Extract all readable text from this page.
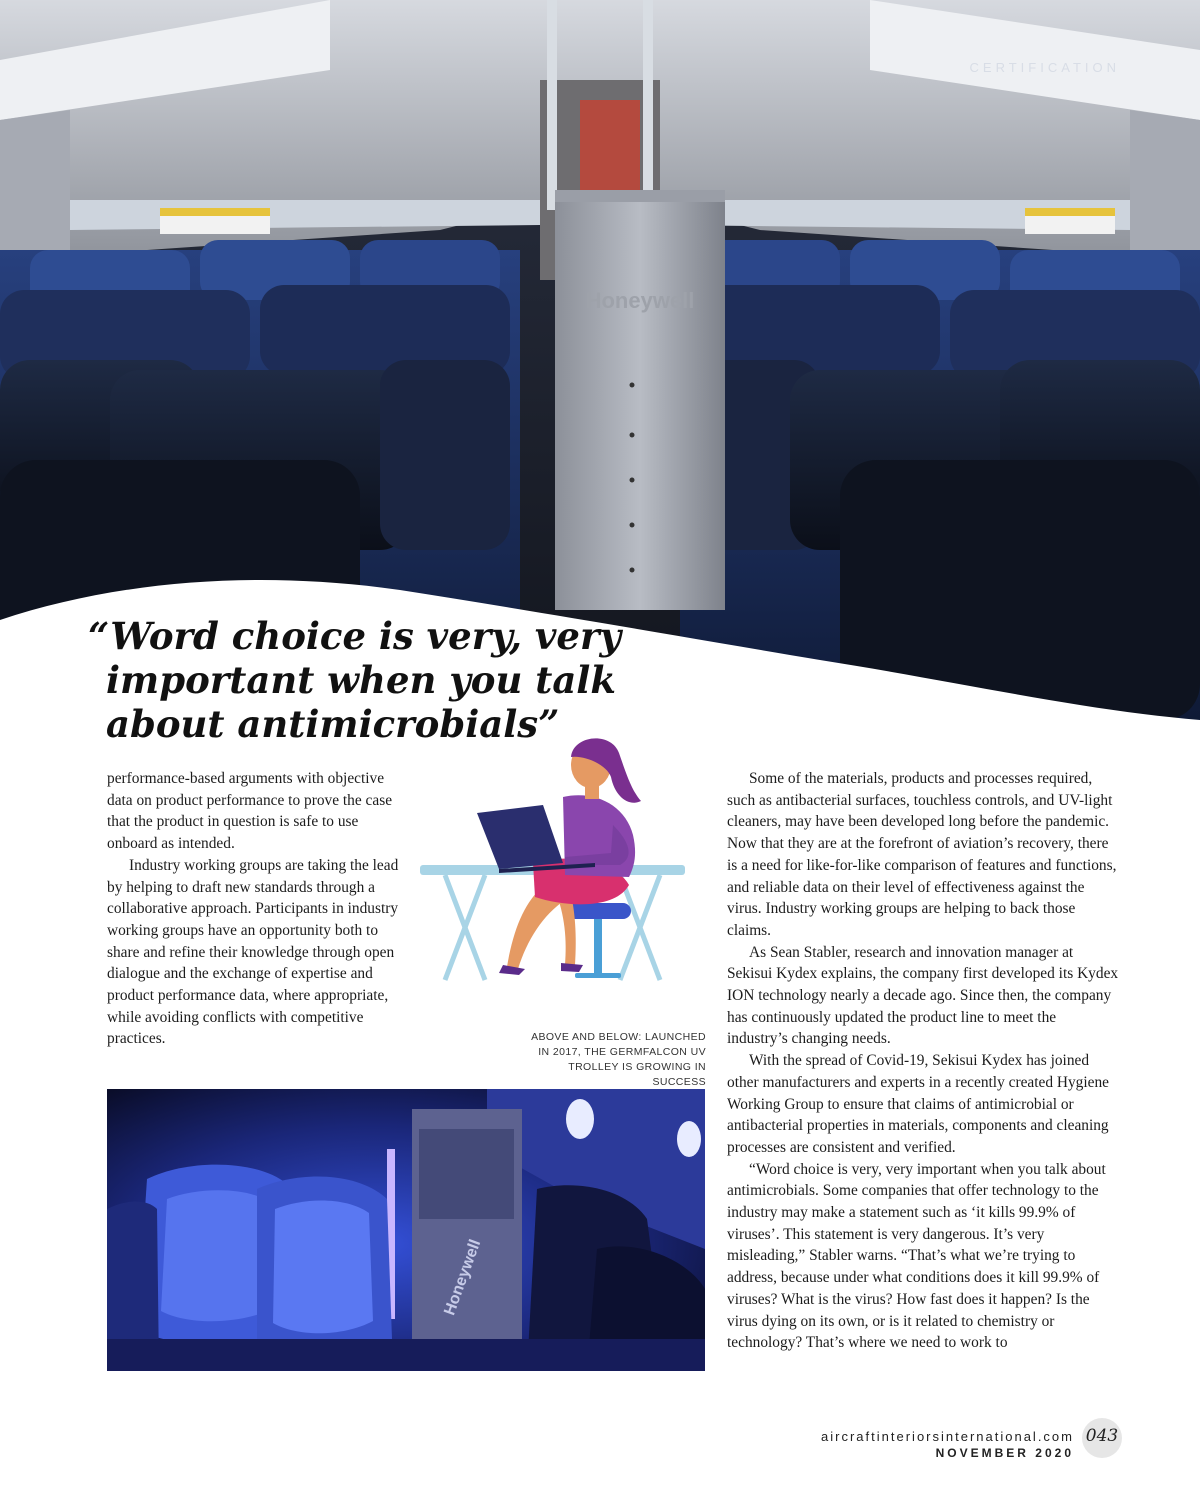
Honeywell
CERTIFICATION
“Word choice is very, very
important when you talk
about antimicrobials”

performance-based arguments with objective data on product performance to prove the case that the product in question is safe to use onboard as intended.

Industry working groups are taking the lead by helping to draft new standards through a collaborative approach. Participants in industry working groups have an opportunity both to share and refine their knowledge through open dialogue and the exchange of expertise and product performance data, where appropriate, while avoiding conflicts with competitive practices.	ABOVE AND BELOW: LAUNCHED IN 2017, THE GERMFALCON UV TROLLEY IS GROWING IN SUCCESS
Honeywell

Some of the materials, products and processes required, such as antibacterial surfaces, touchless controls, and UV-light cleaners, may have been developed long before the pandemic. Now that they are at the forefront of aviation’s recovery, there is a need for like-for-like comparison of features and functions, and reliable data on their level of effectiveness against the virus. Industry working groups are helping to back those claims.

As Sean Stabler, research and innovation manager at Sekisui Kydex explains, the company first developed its Kydex ION technology nearly a decade ago. Since then, the company has continuously updated the product line to meet the industry’s changing needs.

With the spread of Covid-19, Sekisui Kydex has joined other manufacturers and experts in a recently created Hygiene Working Group to ensure that claims of antimicrobial or antibacterial properties in materials, components and cleaning processes are consistent and verified.

“Word choice is very, very important when you talk about antimicrobials. Some companies that offer technology to the industry may make a statement such as ‘it kills 99.9% of viruses’. This statement is very dangerous. It’s very misleading,” Stabler warns. “That’s what we’re trying to address, because under what conditions does it kill 99.9% of viruses? What is the virus? How fast does it happen? Is the virus dying on its own, or is it related to chemistry or technology? That’s where we need to work to

aircraftinteriorsinternational.com
NOVEMBER 2020
043
